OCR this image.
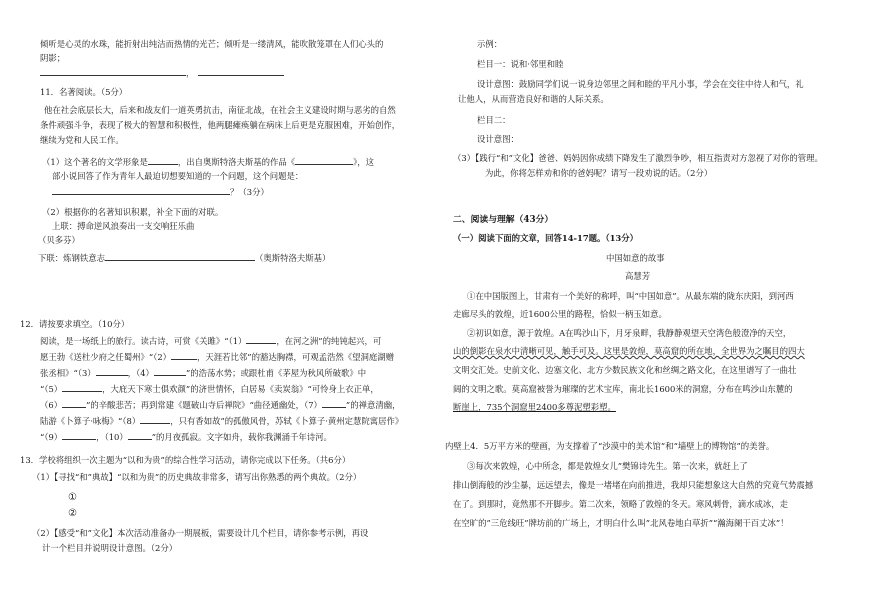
倾听是心灵的水珠，能折射出纯洁而热情的光芒；倾听是一缕清风，能吹散笼罩在人们心头的
阴影；
，
11．名著阅读。（5分）
他在社会底层长大，后来和战友们一道英勇抗击，南征北战，在社会主义建设时期与恶劣的自然
条件顽强斗争，表现了极大的智慧和积极性，他两腿瘫痪躺在病床上后更是克服困难，开始创作，
继续为党和人民工作。
（1）这个著名的文学形象是	，出自奥斯特洛夫斯基的作品《	》，这
部小说回答了作为青年人最迫切想要知道的一个问题，这个问题是：
？（3分）
（2）根据你的名著知识积累，补全下面的对联。
上联：搏命逆风浪奏出一支交响狂乐曲
（贝多芬）
下联：炼钢铁意志	（奥斯特洛夫斯基）
12．请按要求填空。（10分）
阅读，是一场纸上的旅行。读古诗，可赏《关雎》“（1）	，在河之洲”的纯钝起兴，可
愿王勃《送杜少府之任蜀州》“（2）	，天涯若比邻”的豁达胸襟，可观孟浩然《望洞庭湖赠
张丞相》“（3）	，（4）	”的浩荡水势；或跟杜甫《茅屋为秋风所破歌》中
“（5）	，大庇天下寒士俱欢颜”的济世情怀，白居易《卖炭翁》“可怜身上衣正单，
（6）	”的辛酸悲苦；再到常建《题破山寺后禅院》“曲径通幽处，（7）	”的禅意清幽，
陆游《卜算子·咏梅》“（8）	，只有香如故”的孤傲风骨，苏轼《卜算子·黄州定慧院寓居作》
“（9）	，（10）	”的月夜孤寂。文字如舟，载你我渊涌千年诗河。
13．学校将组织一次主题为“以和为贵”的综合性学习活动，请你完成以下任务。（共6分）
（1）【寻找“和”典故】“以和为贵”的历史典故非常多，请写出你熟悉的两个典故。（2分）
①
②
（2）【感受“和”文化】本次活动准备办一期展板，需要设计几个栏目，请你参考示例，再设
计一个栏目并说明设计意图。（2分）
示例：
栏目一：说和·邻里和睦
设计意图：鼓励同学们说一说身边邻里之间和睦的平凡小事，学会在交往中待人和气，礼
让他人，从而营造良好和谐的人际关系。
栏目二：
设计意图：
（3）【践行“和”文化】爸爸、妈妈因你成绩下降发生了激烈争吵，相互指责对方忽视了对你的管理。
为此，你将怎样劝和你的爸妈呢？请写一段劝说的话。（2分）
二、阅读与理解（43分）
（一）阅读下面的文章，回答14-17题。（13分）
中国如意的故事
高慧芳
①在中国版图上，甘肃有一个美好的称呼，叫“中国如意”。从最东端的陇东庆阳，到河西
走廊尽头的敦煌，近1600公里的路程，恰似一柄玉如意。
②初识如意，源于敦煌。A在鸣沙山下，月牙泉畔，我静静观望天空湾色般澄净的天空，
山的倒影在泉水中清晰可见，触手可及。这里是敦煌，莫高窟的所在地，全世界为之瞩目的四大
文明交汇处。史前文化、边塞文化、北方少数民族文化和丝绸之路文化，在这里谱写了一曲壮
阔的文明之歌。莫高窟被誉为璀璨的艺术宝库，南北长1600米的洞窟，分布在鸣沙山东麓的
断崖上，735个洞窟里2400多尊泥塑彩塑。
内壁上4．5万平方米的壁画，为支撑着了“沙漠中的美术馆”和“墙壁上的博物馆”的美誉。
③每次来敦煌，心中所念，都是敦煌女儿”樊锦诗先生。第一次来，就赶上了
排山倒海般的沙尘暴，远远望去，像是一堵堵在向前推进，我却只能想象这大自然的究竟气势震撼
在了。到那时，竟然那不开脚步。第二次来，领略了敦煌的冬天。寒风刺骨，滴水成冰，走
在空旷的”三危线旺”牌坊前的广场上，才明白什么叫”北风卷地白草折”“瀚海阑干百丈冰”！
